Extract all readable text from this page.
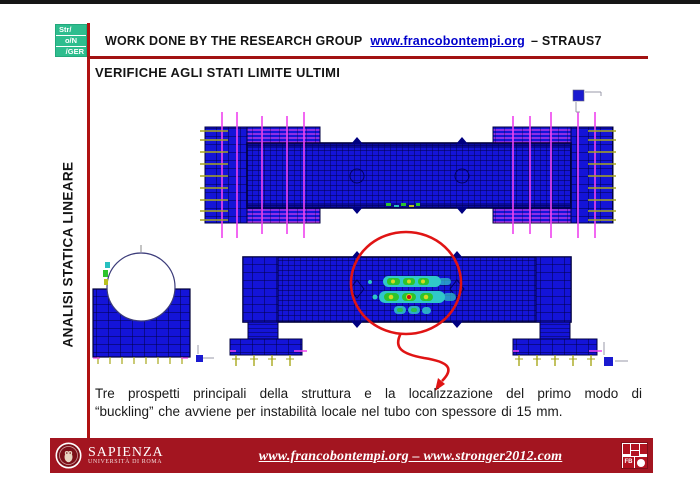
Str/
o/N
/GER
WORK DONE BY THE RESEARCH GROUP www.francobontempi.org – STRAUS7
VERIFICHE AGLI STATI LIMITE ULTIMI
ANALISI STATICA LINEARE
Tre prospetti principali della struttura e la localizzazione del primo modo di
“buckling” che avviene per instabilità locale nel tubo con spessore di 15 mm.
SAPIENZA
UNIVERSITÀ DI ROMA	www.francobontempi.org – www.stronger2012.com	FB
